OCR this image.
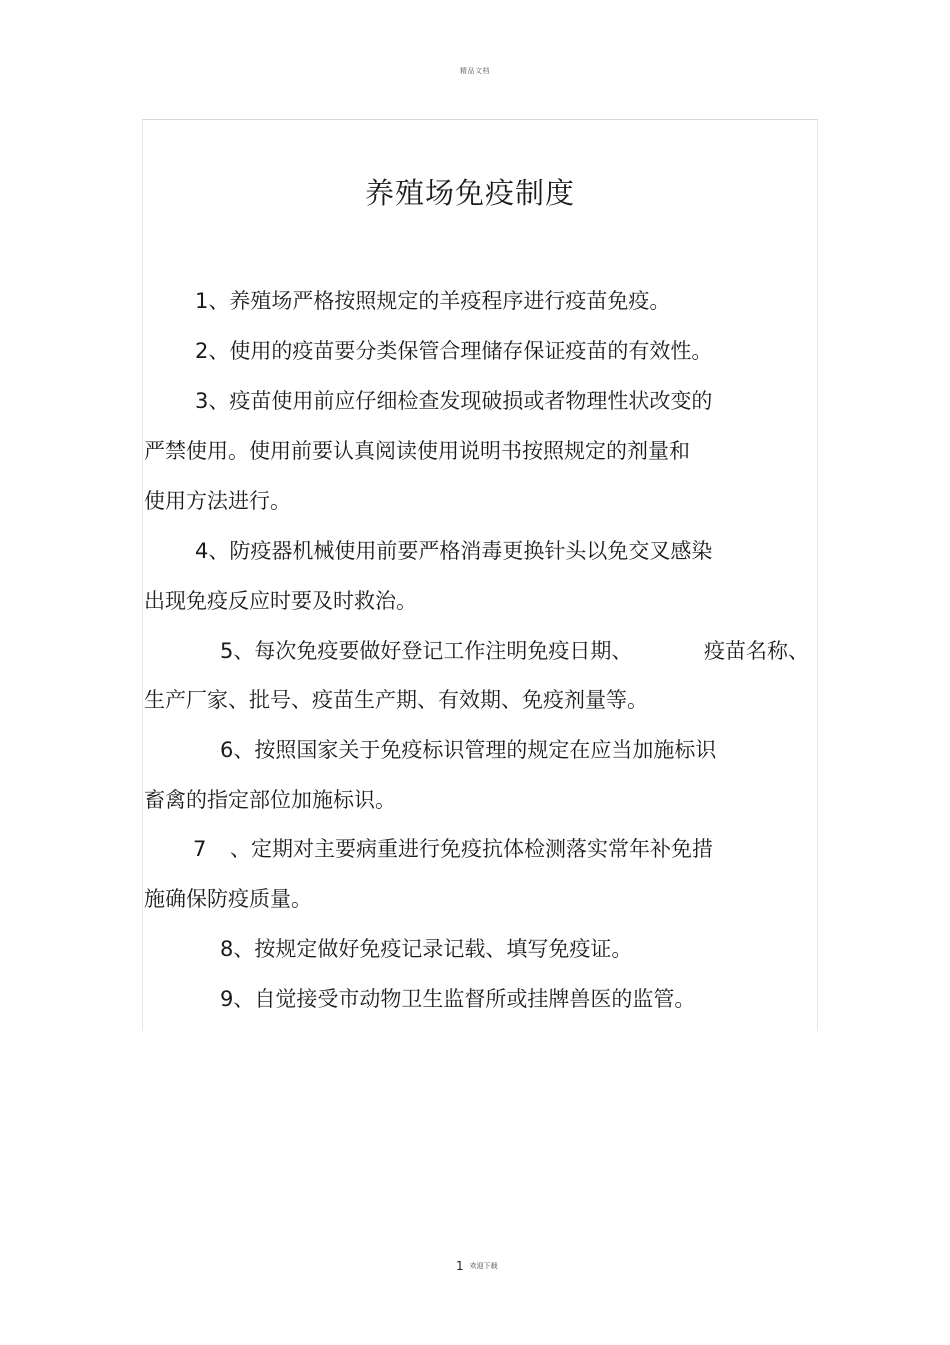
精品文档
养殖场免疫制度
1、养殖场严格按照规定的羊疫程序进行疫苗免疫。
2、使用的疫苗要分类保管合理储存保证疫苗的有效性。
3、疫苗使用前应仔细检查发现破损或者物理性状改变的
严禁使用。使用前要认真阅读使用说明书按照规定的剂量和
使用方法进行。
4、防疫器机械使用前要严格消毒更换针头以免交叉感染
出现免疫反应时要及时救治。
5、每次免疫要做好登记工作注明免疫日期、	疫苗名称、
生产厂家、批号、疫苗生产期、有效期、免疫剂量等。
6、按照国家关于免疫标识管理的规定在应当加施标识
畜禽的指定部位加施标识。
7 、定期对主要病重进行免疫抗体检测落实常年补免措
施确保防疫质量。
8、按规定做好免疫记录记载、填写免疫证。
9、自觉接受市动物卫生监督所或挂牌兽医的监管。
1 欢迎下载
